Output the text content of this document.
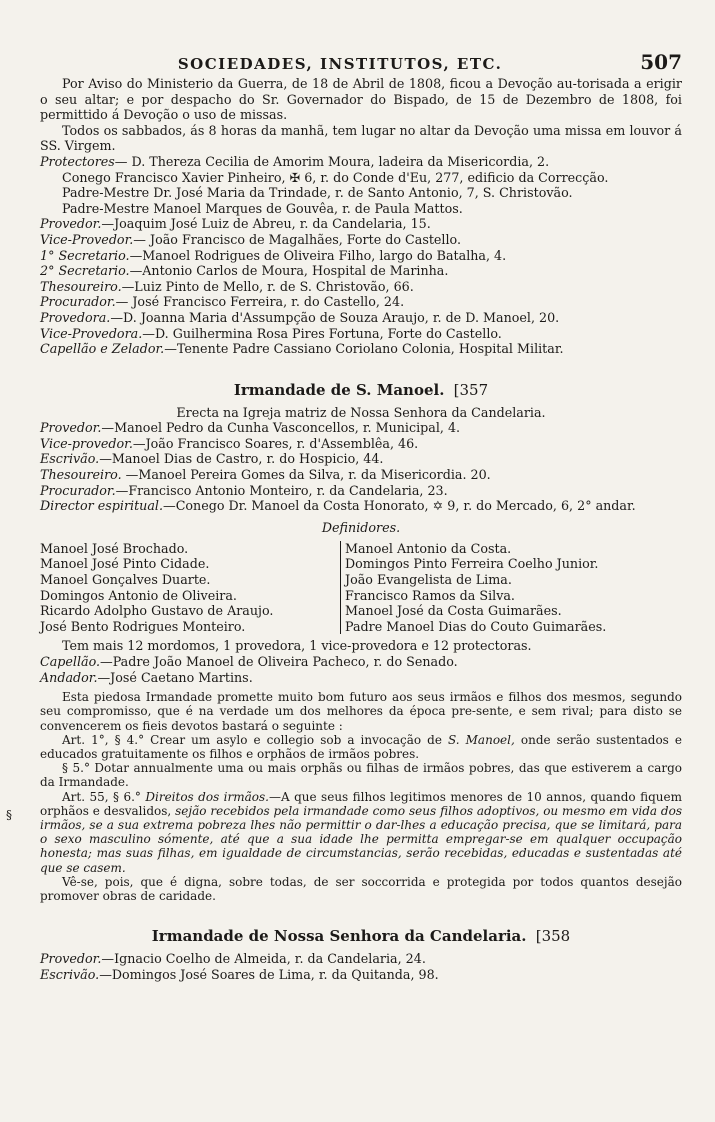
SOCIEDADES, INSTITUTOS, ETC.	507

Por Aviso do Ministerio da Guerra, de 18 de Abril de 1808, ficou a Devoção au-torisada a erigir o seu altar; e por despacho do Sr. Governador do Bispado, de 15 de Dezembro de 1808, foi permittido á Devoção o uso de missas.

Todos os sabbados, ás 8 horas da manhã, tem lugar no altar da Devoção uma missa em louvor á SS. Virgem.

Protectores— D. Thereza Cecilia de Amorim Moura, ladeira da Misericordia, 2.

Conego Francisco Xavier Pinheiro, ✠ 6, r. do Conde d'Eu, 277, edificio da Correcção.

Padre-Mestre Dr. José Maria da Trindade, r. de Santo Antonio, 7, S. Christovão.

Padre-Mestre Manoel Marques de Gouvêa, r. de Paula Mattos.

Provedor.—Joaquim José Luiz de Abreu, r. da Candelaria, 15.

Vice-Provedor.— João Francisco de Magalhães, Forte do Castello.

1° Secretario.—Manoel Rodrigues de Oliveira Filho, largo do Batalha, 4.

2° Secretario.—Antonio Carlos de Moura, Hospital de Marinha.

Thesoureiro.—Luiz Pinto de Mello, r. de S. Christovão, 66.

Procurador.— José Francisco Ferreira, r. do Castello, 24.

Provedora.—D. Joanna Maria d'Assumpção de Souza Araujo, r. de D. Manoel, 20.

Vice-Provedora.—D. Guilhermina Rosa Pires Fortuna, Forte do Castello.

Capellão e Zelador.—Tenente Padre Cassiano Coriolano Colonia, Hospital Militar.

Irmandade de S. Manoel. [357

Erecta na Igreja matriz de Nossa Senhora da Candelaria.

Provedor.—Manoel Pedro da Cunha Vasconcellos, r. Municipal, 4.

Vice-provedor.—João Francisco Soares, r. d'Assemblêa, 46.

Escrivão.—Manoel Dias de Castro, r. do Hospicio, 44.

Thesoureiro. —Manoel Pereira Gomes da Silva, r. da Misericordia. 20.

Procurador.—Francisco Antonio Monteiro, r. da Candelaria, 23.

Director espiritual.—Conego Dr. Manoel da Costa Honorato, ✡ 9, r. do Mercado, 6, 2° andar.

Definidores.

Manoel José Brochado.

Manoel José Pinto Cidade.

Manoel Gonçalves Duarte.

Domingos Antonio de Oliveira.

Ricardo Adolpho Gustavo de Araujo.

José Bento Rodrigues Monteiro.

Manoel Antonio da Costa.

Domingos Pinto Ferreira Coelho Junior.

João Evangelista de Lima.

Francisco Ramos da Silva.

Manoel José da Costa Guimarães.

Padre Manoel Dias do Couto Guimarães.

Tem mais 12 mordomos, 1 provedora, 1 vice-provedora e 12 protectoras.

Capellão.—Padre João Manoel de Oliveira Pacheco, r. do Senado.

Andador.—José Caetano Martins.

Esta piedosa Irmandade promette muito bom futuro aos seus irmãos e filhos dos mesmos, segundo seu compromisso, que é na verdade um dos melhores da época pre-sente, e sem rival; para disto se convencerem os fieis devotos bastará o seguinte :

Art. 1°, § 4.° Crear um asylo e collegio sob a invocação de S. Manoel, onde serão sustentados e educados gratuitamente os filhos e orphãos de irmãos pobres.

§ 5.° Dotar annualmente uma ou mais orphãs ou filhas de irmãos pobres, das que estiverem a cargo da Irmandade.

Art. 55, § 6.° Direitos dos irmãos.—A que seus filhos legitimos menores de 10 annos, quando fiquem orphãos e desvalidos, sejão recebidos pela irmandade como seus filhos adoptivos, ou mesmo em vida dos irmãos, se a sua extrema pobreza lhes não permittir o dar-lhes a educação precisa, que se limitará, para o sexo masculino sómente, até que a sua idade lhe permitta empregar-se em qualquer occupação honesta; mas suas filhas, em igualdade de circumstancias, serão recebidas, educadas e sustentadas até que se casem.

Vê-se, pois, que é digna, sobre todas, de ser soccorrida e protegida por todos quantos desejão promover obras de caridade.

Irmandade de Nossa Senhora da Candelaria. [358

Provedor.—Ignacio Coelho de Almeida, r. da Candelaria, 24.

Escrivão.—Domingos José Soares de Lima, r. da Quitanda, 98.

§
